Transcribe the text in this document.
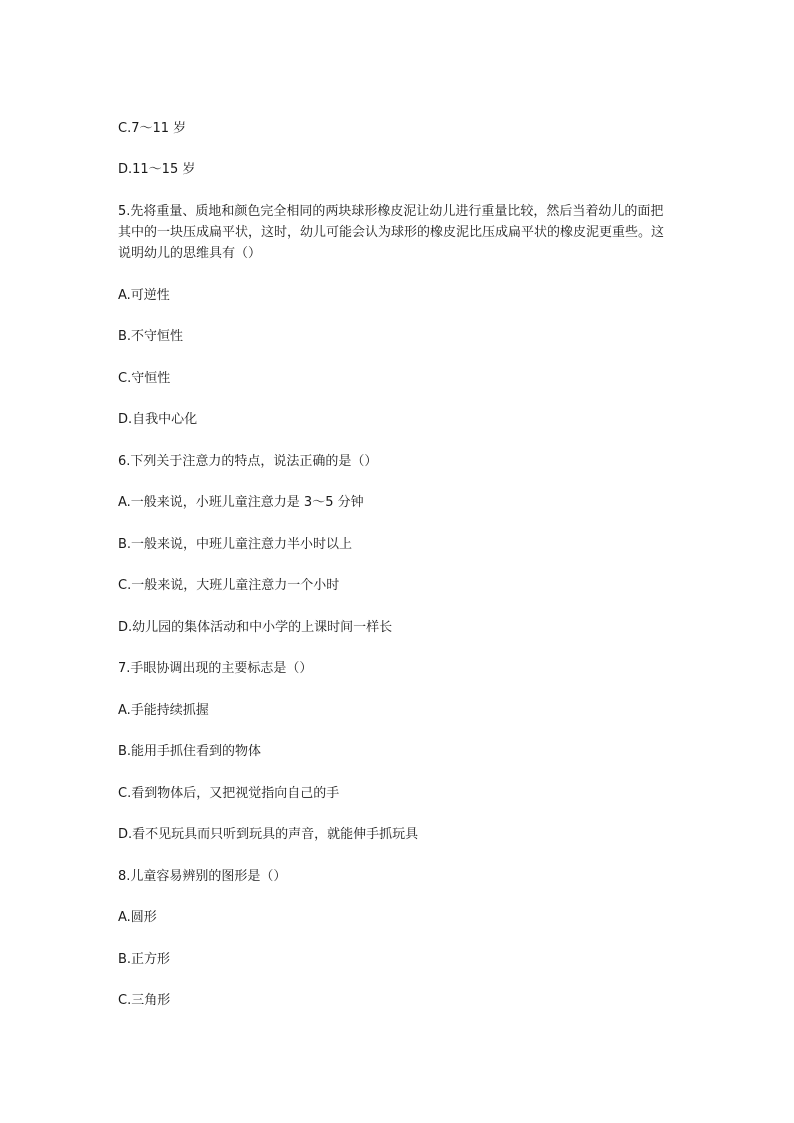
C.7～11 岁
D.11～15 岁
5.先将重量、质地和颜色完全相同的两块球形橡皮泥让幼儿进行重量比较，然后当着幼儿的面把其中的一块压成扁平状，这时，幼儿可能会认为球形的橡皮泥比压成扁平状的橡皮泥更重些。这说明幼儿的思维具有（）
A.可逆性
B.不守恒性
C.守恒性
D.自我中心化
6.下列关于注意力的特点，说法正确的是（）
A.一般来说，小班儿童注意力是 3～5 分钟
B.一般来说，中班儿童注意力半小时以上
C.一般来说，大班儿童注意力一个小时
D.幼儿园的集体活动和中小学的上课时间一样长
7.手眼协调出现的主要标志是（）
A.手能持续抓握
B.能用手抓住看到的物体
C.看到物体后，又把视觉指向自己的手
D.看不见玩具而只听到玩具的声音，就能伸手抓玩具
8.儿童容易辨别的图形是（）
A.圆形
B.正方形
C.三角形
